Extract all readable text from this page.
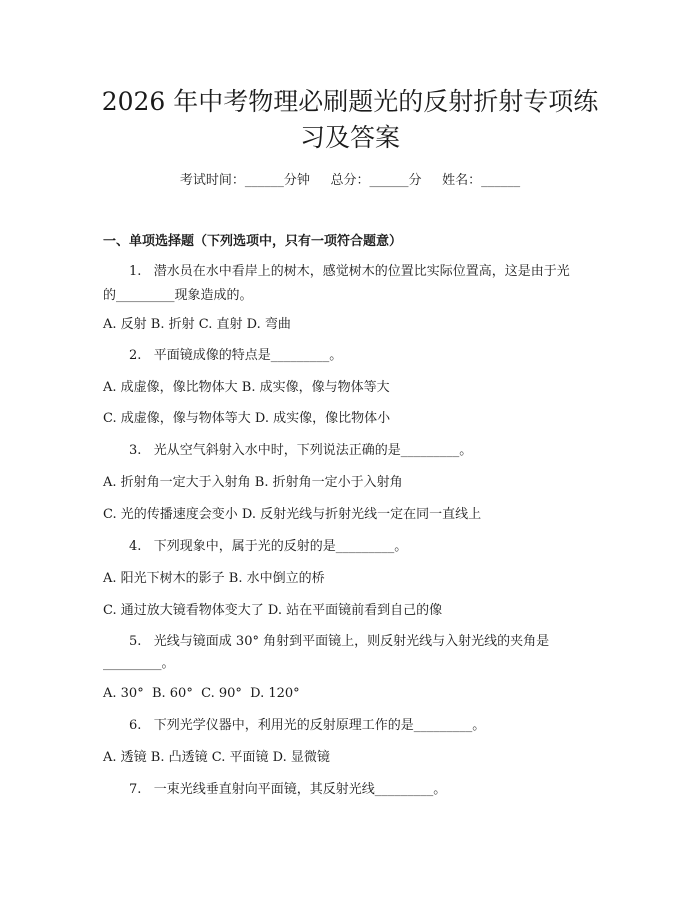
2026 年中考物理必刷题光的反射折射专项练
习及答案
考试时间：______分钟     总分：______分     姓名：______
一、单项选择题（下列选项中，只有一项符合题意）
1.   潜水员在水中看岸上的树木，感觉树木的位置比实际位置高，这是由于光
的_________现象造成的。
A. 反射 B. 折射 C. 直射 D. 弯曲
2.   平面镜成像的特点是_________。
A. 成虚像，像比物体大 B. 成实像，像与物体等大
C. 成虚像，像与物体等大 D. 成实像，像比物体小
3.   光从空气斜射入水中时，下列说法正确的是_________。
A. 折射角一定大于入射角 B. 折射角一定小于入射角
C. 光的传播速度会变小 D. 反射光线与折射光线一定在同一直线上
4.   下列现象中，属于光的反射的是_________。
A. 阳光下树木的影子 B. 水中倒立的桥
C. 通过放大镜看物体变大了 D. 站在平面镜前看到自己的像
5.   光线与镜面成 30° 角射到平面镜上，则反射光线与入射光线的夹角是
_________。
A. 30°  B. 60°  C. 90°  D. 120°
6.   下列光学仪器中，利用光的反射原理工作的是_________。
A. 透镜 B. 凸透镜 C. 平面镜 D. 显微镜
7.   一束光线垂直射向平面镜，其反射光线_________。
